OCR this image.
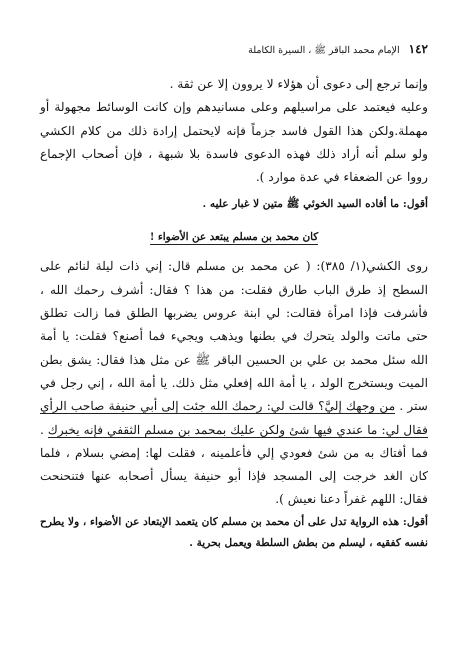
١٤٢ الإمام محمد الباقر ﷺ ، السيرة الكاملة

وإنما ترجع إلى دعوى أن هؤلاء لا يروون إلا عن ثقة .

وعليه فيعتمد على مراسيلهم وعلى مسانيدهم وإن كانت الوسائط مجهولة أو مهملة.ولكن هذا القول فاسد جزماً فإنه لايحتمل إرادة ذلك من كلام الكشي ولو سلم أنه أراد ذلك فهذه الدعوى فاسدة بلا شبهة ، فإن أصحاب الإجماع رووا عن الضعفاء في عدة موارد ).

أقول: ما أفاده السيد الخوئي ﷺ متين لا غبار عليه .

كان محمد بن مسلم يبتعد عن الأضواء !

روى الكشي(١/ ٣٨٥): ( عن محمد بن مسلم قال: إني ذات ليلة لنائم على السطح إذ طرق الباب طارق فقلت: من هذا ؟ فقال: أشرف رحمك الله ، فأشرفت فإذا امرأة فقالت: لي ابنة عروس يضربها الطلق فما زالت تطلق حتى ماتت والولد يتحرك في بطنها ويذهب ويجيء فما أصنع؟ فقلت: يا أمة الله سئل محمد بن علي بن الحسين الباقر ﷺ عن مثل هذا فقال: يشق بطن الميت ويستخرج الولد ، يا أمة الله إفعلي مثل ذلك. يا أمة الله ، إني رجل في ستر . من وجهك إليَّ؟ قالت لي: رحمك الله جئت إلى أبي حنيفة صاحب الرأي فقال لي: ما عندي فيها شئ ولكن عليك بمحمد بن مسلم الثقفي فإنه يخبرك . فما أفتاك به من شئ فعودي إلي فأعلمينه ، فقلت لها: إمضي بسلام ، فلما كان الغد خرجت إلى المسجد فإذا أبو حنيفة يسأل أصحابه عنها فتنحنحت فقال: اللهم غفراً دعنا نعيش ).

أقول: هذه الرواية تدل على أن محمد بن مسلم كان يتعمد الإبتعاد عن الأضواء ، ولا يطرح نفسه كفقيه ، ليسلم من بطش السلطة ويعمل بحرية .
